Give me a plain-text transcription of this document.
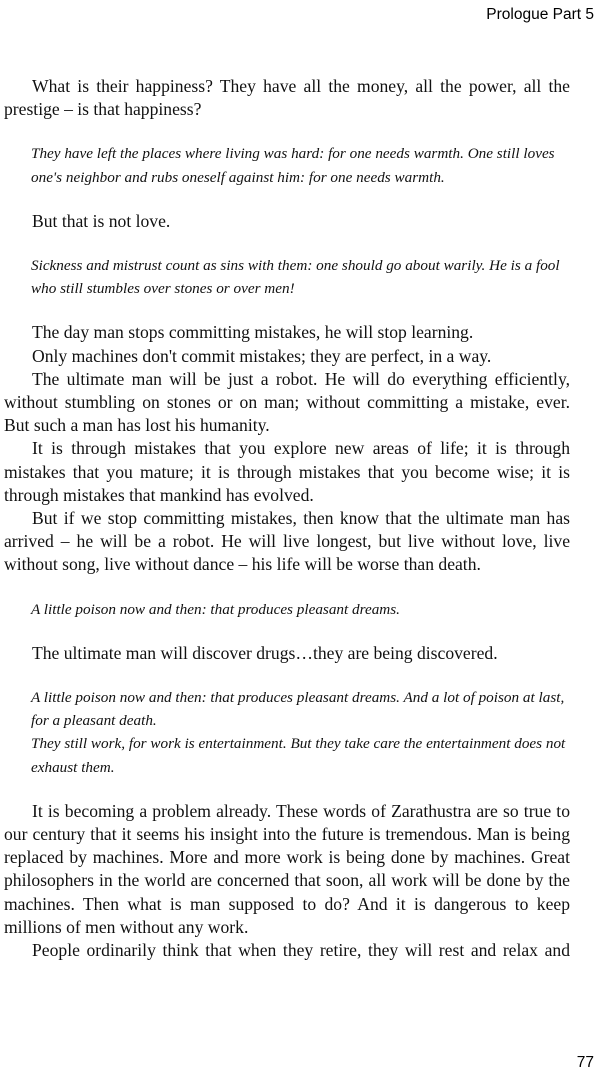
Prologue Part 5

What is their happiness? They have all the money, all the power, all the prestige – is that happiness?

They have left the places where living was hard: for one needs warmth. One still loves one's neighbor and rubs oneself against him: for one needs warmth.

But that is not love.

Sickness and mistrust count as sins with them: one should go about warily. He is a fool who still stumbles over stones or over men!

The day man stops committing mistakes, he will stop learning.

Only machines don't commit mistakes; they are perfect, in a way.

The ultimate man will be just a robot. He will do everything efficiently, without stumbling on stones or on man; without committing a mistake, ever. But such a man has lost his humanity.

It is through mistakes that you explore new areas of life; it is through mistakes that you mature; it is through mistakes that you become wise; it is through mistakes that mankind has evolved.

But if we stop committing mistakes, then know that the ultimate man has arrived – he will be a robot. He will live longest, but live without love, live without song, live without dance – his life will be worse than death.

A little poison now and then: that produces pleasant dreams.

The ultimate man will discover drugs…they are being discovered.

A little poison now and then: that produces pleasant dreams. And a lot of poison at last, for a pleasant death.

They still work, for work is entertainment. But they take care the entertainment does not exhaust them.

It is becoming a problem already. These words of Zarathustra are so true to our century that it seems his insight into the future is tremendous. Man is being replaced by machines. More and more work is being done by machines. Great philosophers in the world are concerned that soon, all work will be done by the machines. Then what is man supposed to do? And it is dangerous to keep millions of men without any work.

People ordinarily think that when they retire, they will rest and relax and

77
